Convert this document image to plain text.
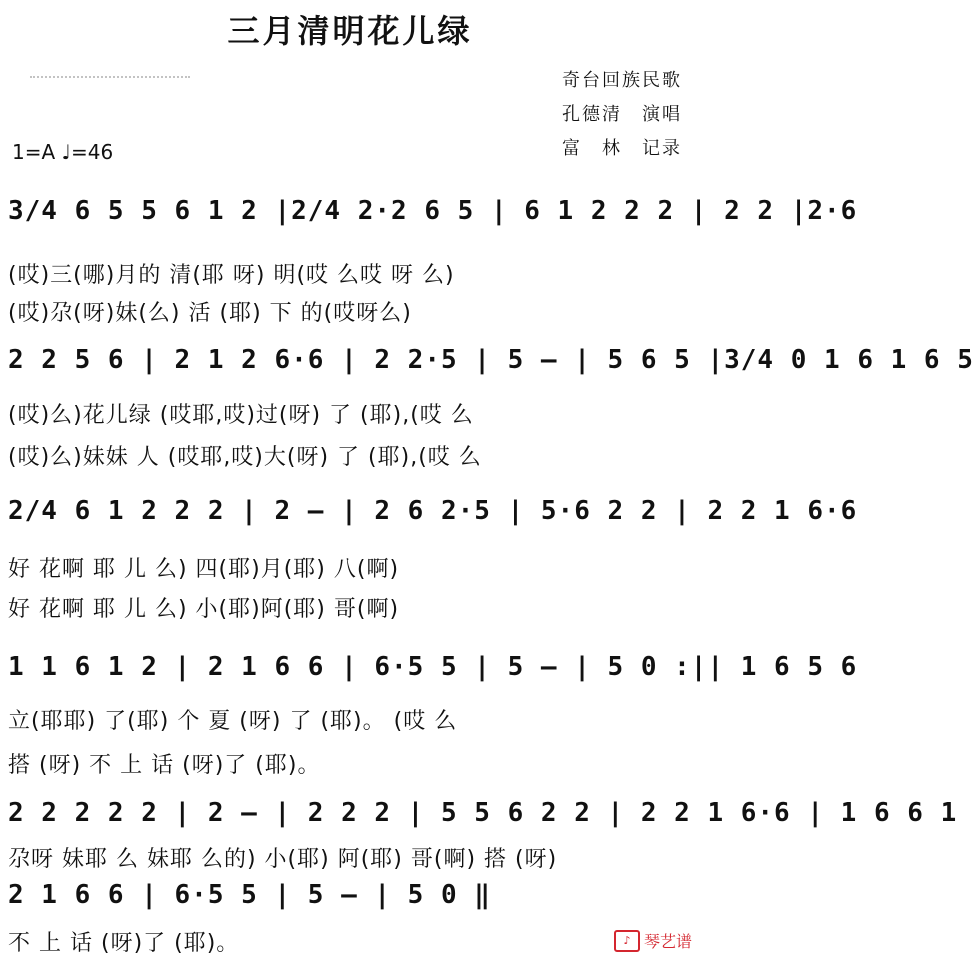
三月清明花儿绿
奇台回族民歌
孔德清　演唱
富　林　记录
1=A ♩=46
3/4 6 5 5 6 1 2 |2/4 2·2 6 5 | 6 1 2 2 2 | 2 2 |2·6
(哎)三(哪)月的 清(耶 呀) 明(哎 么哎 呀 么)
(哎)尕(呀)妹(么) 活 (耶) 下 的(哎呀么)
2 2 5 6 | 2 1 2 6·6 | 2 2·5 | 5 — | 5 6 5 |3/4 0 1 6 1 6 5
(哎)么)花儿绿 (哎耶,哎)过(呀) 了 (耶),(哎 么
(哎)么)妹妹 人 (哎耶,哎)大(呀) 了 (耶),(哎 么
2/4 6 1 2 2 2 | 2 — | 2 6 2·5 | 5·6 2 2 | 2 2 1 6·6
好 花啊 耶 儿 么) 四(耶)月(耶) 八(啊)
好 花啊 耶 儿 么) 小(耶)阿(耶) 哥(啊)
1 1 6 1 2 | 2 1 6 6 | 6·5 5 | 5 — | 5 0 :|| 1 6 5 6
立(耶耶) 了(耶) 个 夏 (呀) 了 (耶)。 (哎 么
搭 (呀) 不 上 话 (呀)了 (耶)。
2 2 2 2 2 | 2 — | 2 2 2 | 5 5 6 2 2 | 2 2 1 6·6 | 1 6 6 1
尕呀 妹耶 么 妹耶 么的) 小(耶) 阿(耶) 哥(啊) 搭 (呀)
2 1 6 6 | 6·5 5 | 5 — | 5 0 ‖
不 上 话 (呀)了 (耶)。	♪ 琴艺谱
